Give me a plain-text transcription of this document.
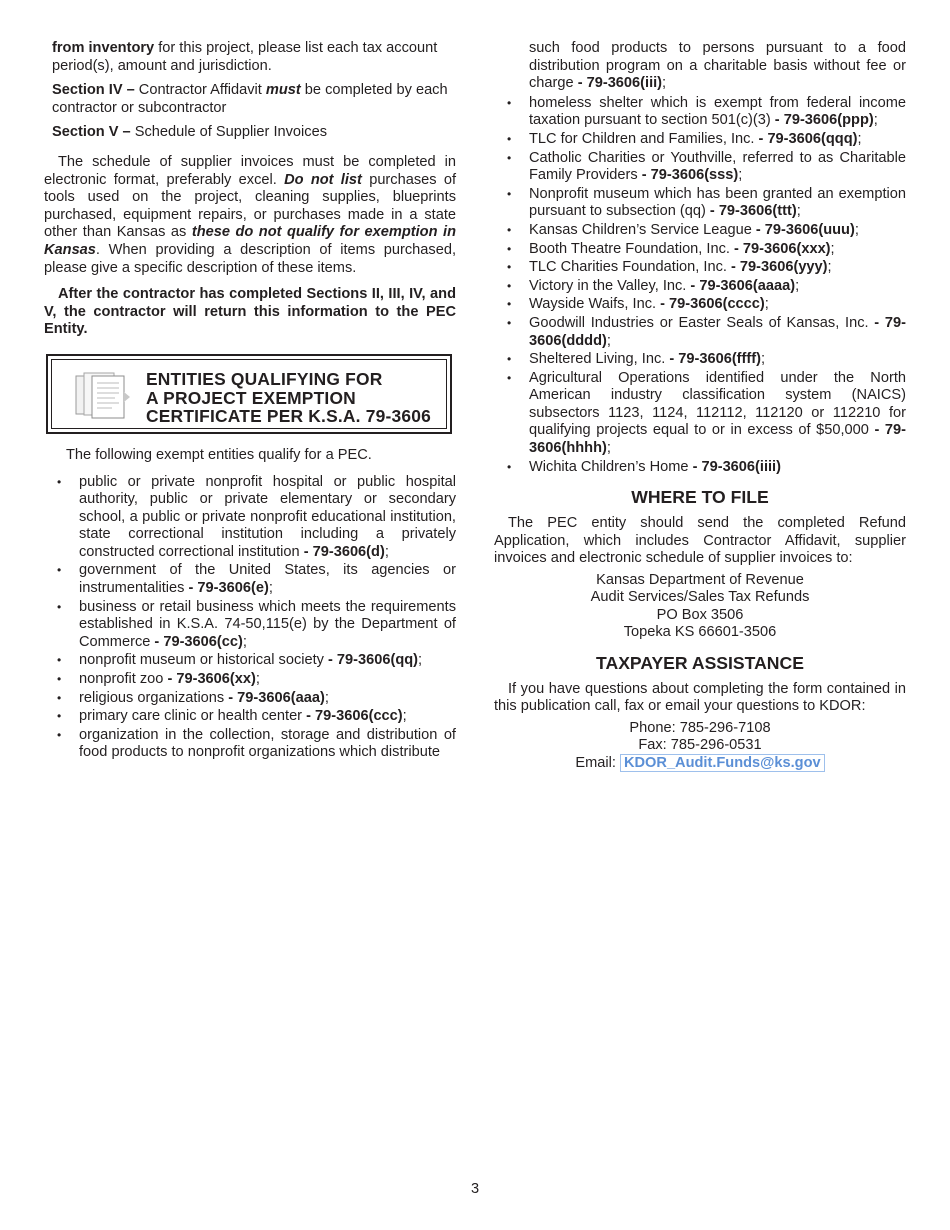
from inventory for this project, please list each tax account period(s), amount and jurisdiction.

Section IV – Contractor Affidavit must be completed by each contractor or subcontractor

Section V – Schedule of Supplier Invoices

The schedule of supplier invoices must be completed in electronic format, preferably excel. Do not list purchases of tools used on the project, cleaning supplies, blueprints purchased, equipment repairs, or purchases made in a state other than Kansas as these do not qualify for exemption in Kansas. When providing a description of items purchased, please give a specific description of these items.

After the contractor has completed Sections II, III, IV, and V, the contractor will return this information to the PEC Entity.

ENTITIES QUALIFYING FOR
A PROJECT EXEMPTION
CERTIFICATE PER K.S.A. 79-3606

The following exempt entities qualify for a PEC.

• public or private nonprofit hospital or public hospital authority, public or private elementary or secondary school, a public or private nonprofit educational institution, state correctional institution including a privately constructed correctional institution - 79-3606(d);
• government of the United States, its agencies or instrumentalities - 79-3606(e);
• business or retail business which meets the requirements established in K.S.A. 74-50,115(e) by the Department of Commerce - 79-3606(cc);
• nonprofit museum or historical society - 79-3606(qq);
• nonprofit zoo - 79-3606(xx);
• religious organizations - 79-3606(aaa);
• primary care clinic or health center - 79-3606(ccc);
• organization in the collection, storage and distribution of food products to nonprofit organizations which distribute

such food products to persons pursuant to a food distribution program on a charitable basis without fee or charge - 79-3606(iii);

• homeless shelter which is exempt from federal income taxation pursuant to section 501(c)(3) - 79-3606(ppp);
• TLC for Children and Families, Inc. - 79-3606(qqq);
• Catholic Charities or Youthville, referred to as Charitable Family Providers - 79-3606(sss);
• Nonprofit museum which has been granted an exemption pursuant to subsection (qq) - 79-3606(ttt);
• Kansas Children’s Service League - 79-3606(uuu);
• Booth Theatre Foundation, Inc. - 79-3606(xxx);
• TLC Charities Foundation, Inc. - 79-3606(yyy);
• Victory in the Valley, Inc. - 79-3606(aaaa);
• Wayside Waifs, Inc. - 79-3606(cccc);
• Goodwill Industries or Easter Seals of Kansas, Inc. - 79-3606(dddd);
• Sheltered Living, Inc. - 79-3606(ffff);
• Agricultural Operations identified under the North American industry classification system (NAICS) subsectors 1123, 1124, 112112, 112120 or 112210 for qualifying projects equal to or in excess of $50,000 - 79-3606(hhhh);
• Wichita Children’s Home - 79-3606(iiii)
WHERE TO FILE

The PEC entity should send the completed Refund Application, which includes Contractor Affidavit, supplier invoices and electronic schedule of supplier invoices to:

Kansas Department of Revenue
Audit Services/Sales Tax Refunds
PO Box 3506
Topeka KS 66601-3506
TAXPAYER ASSISTANCE

If you have questions about completing the form contained in this publication call, fax or email your questions to KDOR:

Phone: 785-296-7108
Fax: 785-296-0531
Email: KDOR_Audit.Funds@ks.gov
3
